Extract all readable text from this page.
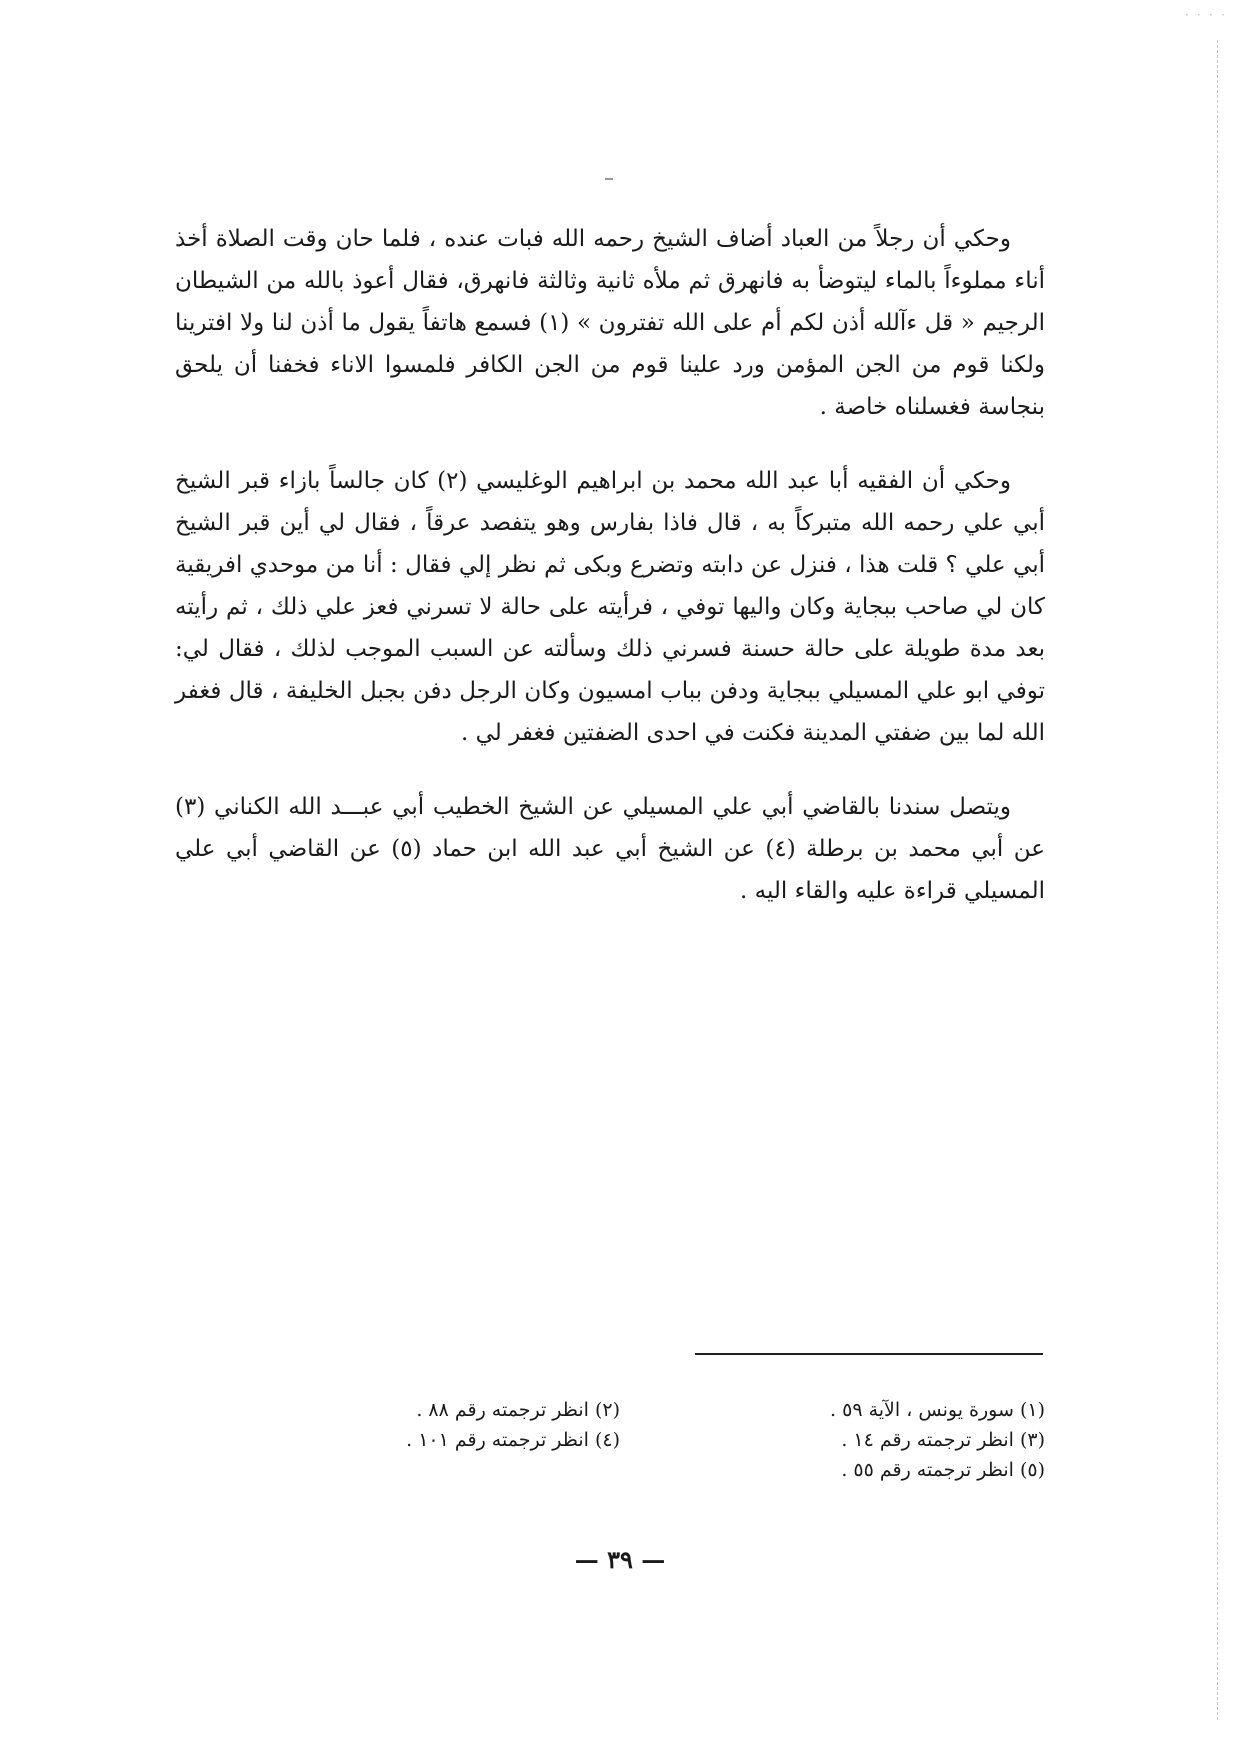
· · · ·

وحكي أن رجلاً من العباد أضاف الشيخ رحمه الله فبات عنده ، فلما حان وقت الصلاة أخذ أناء مملوءاً بالماء ليتوضأ به فانهرق ثم ملأه ثانية وثالثة فانهرق، فقال أعوذ بالله من الشيطان الرجيم « قل ءآلله أذن لكم أم على الله تفترون » (١) فسمع هاتفاً يقول ما أذن لنا ولا افترينا ولكنا قوم من الجن المؤمن ورد علينا قوم من الجن الكافر فلمسوا الاناء فخفنا أن يلحق بنجاسة فغسلناه خاصة .

وحكي أن الفقيه أبا عبد الله محمد بن ابراهيم الوغليسي (٢) كان جالساً بازاء قبر الشيخ أبي علي رحمه الله متبركاً به ، قال فاذا بفارس وهو يتفصد عرقاً ، فقال لي أين قبر الشيخ أبي علي ؟ قلت هذا ، فنزل عن دابته وتضرع وبكى ثم نظر إلي فقال : أنا من موحدي افريقية كان لي صاحب ببجاية وكان واليها توفي ، فرأيته على حالة لا تسرني فعز علي ذلك ، ثم رأيته بعد مدة طويلة على حالة حسنة فسرني ذلك وسألته عن السبب الموجب لذلك ، فقال لي: توفي ابو علي المسيلي ببجاية ودفن بباب امسيون وكان الرجل دفن بجبل الخليفة ، قال فغفر الله لما بين ضفتي المدينة فكنت في احدى الضفتين فغفر لي .

ويتصل سندنا بالقاضي أبي علي المسيلي عن الشيخ الخطيب أبي عبـــد الله الكناني (٣) عن أبي محمد بن برطلة (٤) عن الشيخ أبي عبد الله ابن حماد (٥) عن القاضي أبي علي المسيلي قراءة عليه والقاء اليه .

(١) سورة يونس ، الآية ٥٩ .
(٣) انظر ترجمته رقم ١٤ .
(٥) انظر ترجمته رقم ٥٥ .
(٢) انظر ترجمته رقم ٨٨ .
(٤) انظر ترجمته رقم ١٠١ .
— ٣٩ —
